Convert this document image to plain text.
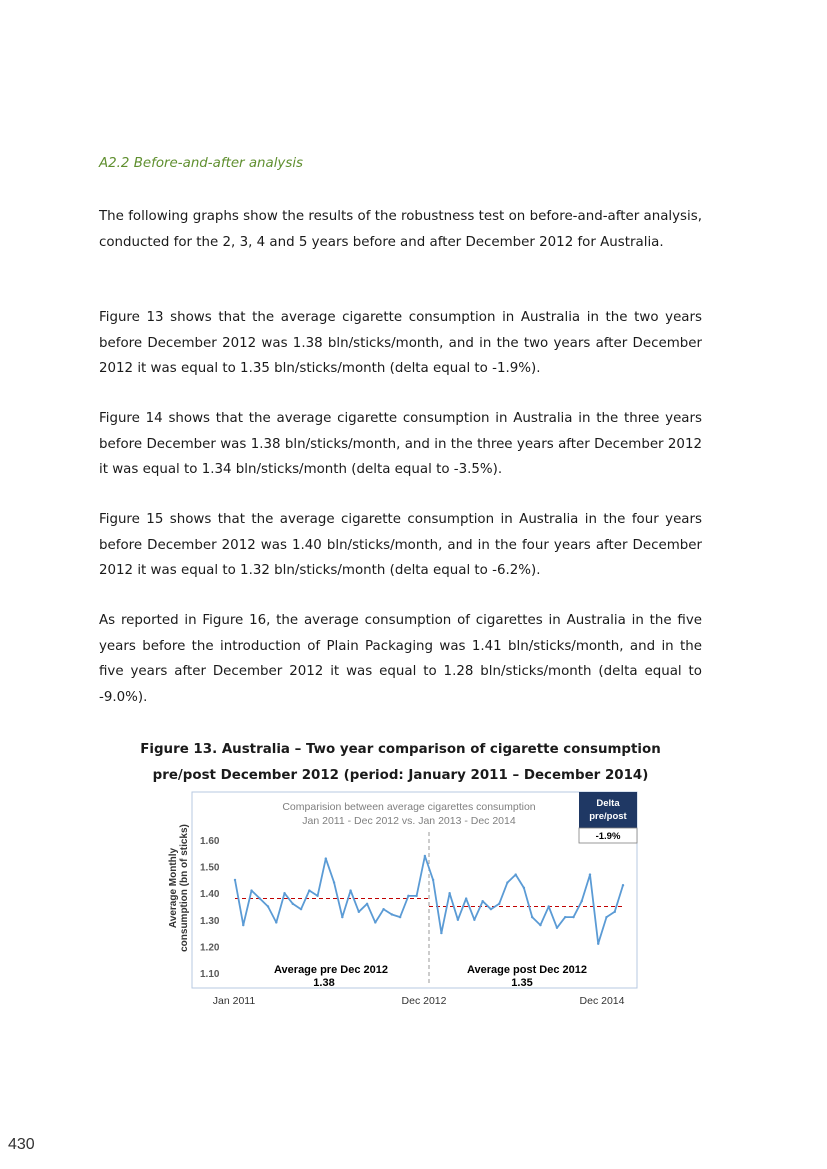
A2.2 Before-and-after analysis

The following graphs show the results of the robustness test on before-and-after analysis, conducted for the 2, 3, 4 and 5 years before and after December 2012 for Australia.

Figure 13 shows that the average cigarette consumption in Australia in the two years before December 2012 was 1.38 bln/sticks/month, and in the two years after December 2012 it was equal to 1.35 bln/sticks/month (delta equal to -1.9%).

Figure 14 shows that the average cigarette consumption in Australia in the three years before December was 1.38 bln/sticks/month, and in the three years after December 2012 it was equal to 1.34 bln/sticks/month (delta equal to -3.5%).

Figure 15 shows that the average cigarette consumption in Australia in the four years before December 2012 was 1.40 bln/sticks/month, and in the four years after December 2012 it was equal to 1.32 bln/sticks/month (delta equal to -6.2%).

As reported in Figure 16, the average consumption of cigarettes in Australia in the five years before the introduction of Plain Packaging was 1.41 bln/sticks/month, and in the five years after December 2012 it was equal to 1.28 bln/sticks/month (delta equal to -9.0%).

Figure 13. Australia – Two year comparison of cigarette consumption
pre/post December 2012 (period: January 2011 – December 2014)
Comparision between average cigarettes consumption
Jan 2011 - Dec 2012 vs. Jan 2013 - Dec 2014
Average Monthly consumption (bn of sticks) 1.60
1.50
1.40
1.30
1.20
1.10
Delta
pre/post
-1.9%
Average pre Dec 2012
1.38
Average post Dec 2012
1.35
Jan 2011	Dec 2012	Dec 2014
430
